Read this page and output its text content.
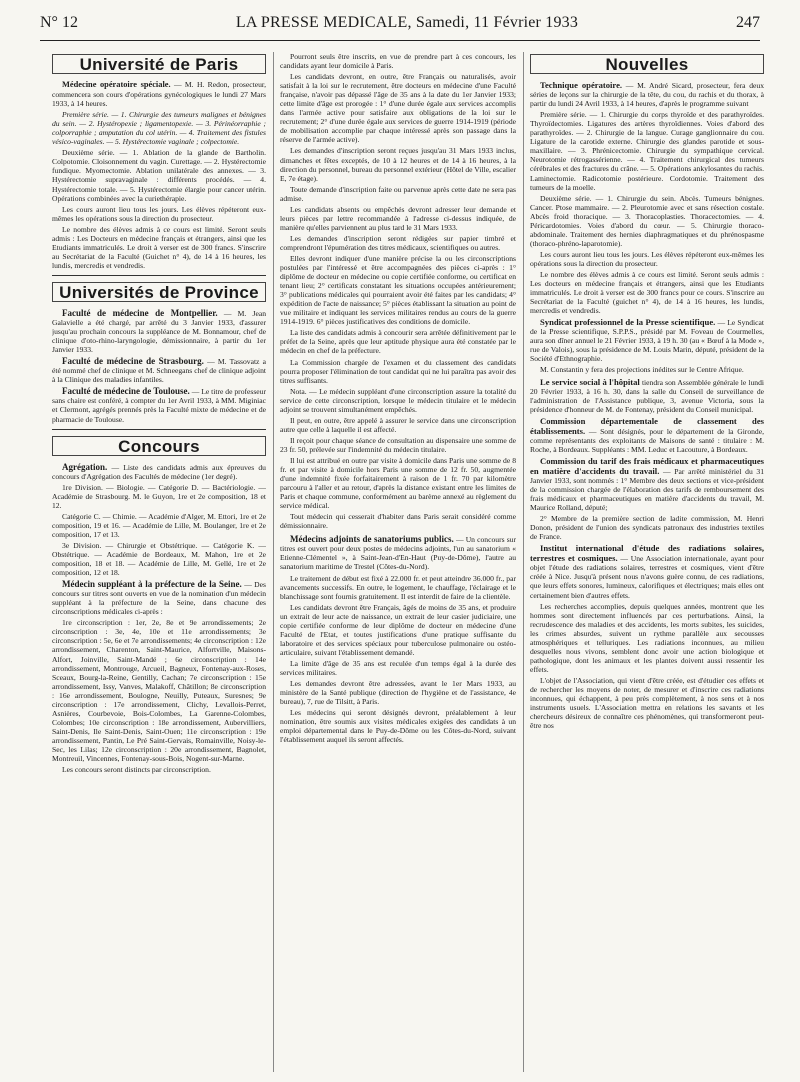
N° 12	LA PRESSE MEDICALE, Samedi, 11 Février 1933	247
Université de Paris

Médecine opératoire spéciale. — M. H. Redon, prosecteur, commencera son cours d'opérations gynécologiques le lundi 27 Mars 1933, à 14 heures.

Première série. — 1. Chirurgie des tumeurs malignes et bénignes du sein. — 2. Hystéropexie ; ligamentopexie. — 3. Périnéorraphie ; colporraphie ; amputation du col utérin. — 4. Traitement des fistules vésico-vaginales. — 5. Hystérectomie vaginale ; colpectomie.

Deuxième série. — 1. Ablation de la glande de Bartholin. Colpotomie. Cloisonnement du vagin. Curettage. — 2. Hystérectomie fundique. Myomectomie. Ablation unilatérale des annexes. — 3. Hystérectomie supravaginale : différents procédés. — 4. Hystérectomie totale. — 5. Hystérectomie élargie pour cancer utérin. Opérations combinées avec la curiethérapie.

Les cours auront lieu tous les jours. Les élèves répéteront eux-mêmes les opérations sous la direction du prosecteur.

Le nombre des élèves admis à ce cours est limité. Seront seuls admis : Les Docteurs en médecine français et étrangers, ainsi que les Etudiants immatriculés. Le droit à verser est de 300 francs. S'inscrire au Secrétariat de la Faculté (Guichet n° 4), de 14 à 16 heures, les lundis, mercredis et vendredis.

Universités de Province

Faculté de médecine de Montpellier. — M. Jean Galavielle a été chargé, par arrêté du 3 Janvier 1933, d'assurer jusqu'au prochain concours la suppléance de M. Bonnamour, chef de clinique d'oto-rhino-laryngologie, démissionnaire, à partir du 1er Janvier 1933.

Faculté de médecine de Strasbourg. — M. Tassovatz a été nommé chef de clinique et M. Schneegans chef de clinique adjoint à la Clinique des maladies infantiles.

Faculté de médecine de Toulouse. — Le titre de professeur sans chaire est conféré, à compter du 1er Avril 1933, à MM. Miginiac et Clermont, agrégés prennés près la Faculté mixte de médecine et de pharmacie de Toulouse.

Concours

Agrégation. — Liste des candidats admis aux épreuves du concours d'Agrégation des Facultés de médecine (1er degré).

1re Division. — Biologie. — Catégorie D. — Bactériologie. — Académie de Strasbourg. M. le Guyon, 1re et 2e composition, 18 et 12.

Catégorie C. — Chimie. — Académie d'Alger, M. Ettori, 1re et 2e composition, 19 et 16. — Académie de Lille, M. Boulanger, 1re et 2e composition, 17 et 13.

3e Division. — Chirurgie et Obstétrique. — Catégorie K. — Obstétrique. — Académie de Bordeaux, M. Mahon, 1re et 2e composition, 18 et 18. — Académie de Lille, M. Gellé, 1re et 2e composition, 12 et 18.

Médecin suppléant à la préfecture de la Seine. — Des concours sur titres sont ouverts en vue de la nomination d'un médecin suppléant à la préfecture de la Seine, dans chacune des circonscriptions médicales ci-après :

1re circonscription : 1er, 2e, 8e et 9e arrondissements; 2e circonscription : 3e, 4e, 10e et 11e arrondissements; 3e circonscription : 5e, 6e et 7e arrondissements; 4e circonscription : 12e arrondissement, Charenton, Saint-Maurice, Alfortville, Maisons-Alfort, Joinville, Saint-Mandé ; 6e circonscription : 14e arrondissement, Montrouge, Arcueil, Bagneux, Fontenay-aux-Roses, Sceaux, Bourg-la-Reine, Gentilly, Cachan; 7e circonscription : 15e arrondissement, Issy, Vanves, Malakoff, Châtillon; 8e circonscription : 16e arrondissement, Boulogne, Neuilly, Puteaux, Suresnes; 9e circonscription : 17e arrondissement, Clichy, Levallois-Perret, Asnières, Courbevoie, Bois-Colombes, La Garenne-Colombes, Colombes; 10e circonscription : 18e arrondissement, Aubervilliers, Saint-Denis, Ile Saint-Denis, Saint-Ouen; 11e circonscription : 19e arrondissement, Pantin, Le Pré Saint-Gervais, Romainville, Noisy-le-Sec, les Lilas; 12e circonscription : 20e arrondissement, Bagnolet, Montreuil, Vincennes, Fontenay-sous-Bois, Nogent-sur-Marne.

Les concours seront distincts par circonscription.

Pourront seuls être inscrits, en vue de prendre part à ces concours, les candidats ayant leur domicile à Paris.

Les candidats devront, en outre, être Français ou naturalisés, avoir satisfait à la loi sur le recrutement, être docteurs en médecine d'une Faculté française, n'avoir pas dépassé l'âge de 35 ans à la date du 1er Janvier 1933; cette limite d'âge est prorogée : 1° d'une durée égale aux services accomplis dans l'armée active pour satisfaire aux obligations de la loi sur le recrutement; 2° d'une durée égale aux services de guerre 1914-1919 (période de mobilisation accomplie par chaque intéressé après son passage dans la réserve de l'armée active).

Les demandes d'inscription seront reçues jusqu'au 31 Mars 1933 inclus, dimanches et fêtes exceptés, de 10 à 12 heures et de 14 à 16 heures, à la direction du personnel, bureau du personnel extérieur (Hôtel de Ville, escalier E, 7e étage).

Toute demande d'inscription faite ou parvenue après cette date ne sera pas admise.

Les candidats absents ou empêchés devront adresser leur demande et leurs pièces par lettre recommandée à l'adresse ci-dessus indiquée, de manière qu'elles parviennent au plus tard le 31 Mars 1933.

Les demandes d'inscription seront rédigées sur papier timbré et comprendront l'épumération des titres médicaux, scientifiques ou autres.

Elles devront indiquer d'une manière précise la ou les circonscriptions postulées par l'intéressé et être accompagnées des pièces ci-après : 1° diplôme de docteur en médecine ou copie certifiée conforme, ou certificat en tenant lieu; 2° certificats constatant les situations occupées antérieurement; 3° publications médicales qui pourraient avoir été faites par les candidats; 4° expédition de l'acte de naissance; 5° pièces établissant la situation au point de vue militaire et indiquant les services militaires rendus au cours de la guerre 1914-1919. 6° pièces justificatives des conditions de domicile.

La liste des candidats admis à concourir sera arrêtée définitivement par le préfet de la Seine, après que leur aptitude physique aura été constatée par le médecin en chef de la préfecture.

La Commission chargée de l'examen et du classement des candidats pourra proposer l'élimination de tout candidat qui ne lui paraîtra pas avoir des titres suffisants.

Nota. — Le médecin suppléant d'une circonscription assure la totalité du service de cette circonscription, lorsque le médecin titulaire et le médecin adjoint se trouvent simultanément empêchés.

Il peut, en outre, être appelé à assurer le service dans une circonscription autre que celle à laquelle il est affecté.

Il reçoit pour chaque séance de consultation au dispensaire une somme de 23 fr. 50, prélevée sur l'indemnité du médecin titulaire.

Il lui est attribué en outre par visite à domicile dans Paris une somme de 8 fr. et par visite à domicile hors Paris une somme de 12 fr. 50, augmentée d'une indemnité fixée forfaitairement à raison de 1 fr. 70 par kilomètre parcouru à l'aller et au retour, d'après la distance existant entre les limites de Paris et chaque commune, conformément au barème annexé au règlement du service médical.

Tout médecin qui cesserait d'habiter dans Paris serait considéré comme démissionnaire.

Médecins adjoints de sanatoriums publics. — Un concours sur titres est ouvert pour deux postes de médecins adjoints, l'un au sanatorium « Etienne-Clémentel », à Saint-Jean-d'En-Haut (Puy-de-Dôme), l'autre au sanatorium maritime de Trestel (Côtes-du-Nord).

Le traitement de début est fixé à 22.000 fr. et peut atteindre 36.000 fr., par avancements successifs. En outre, le logement, le chauffage, l'éclairage et le blanchissage sont fournis gratuitement. Il est interdit de faire de la clientèle.

Les candidats devront être Français, âgés de moins de 35 ans, et produire un extrait de leur acte de naissance, un extrait de leur casier judiciaire, une copie certifiée conforme de leur diplôme de docteur en médecine d'une Faculté de l'Etat, et toutes justifications d'une pratique suffisante du laboratoire et des services spéciaux pour tuberculose pulmonaire ou ostéo-articulaire, suivant l'établissement demandé.

La limite d'âge de 35 ans est reculée d'un temps égal à la durée des services militaires.

Les demandes devront être adressées, avant le 1er Mars 1933, au ministère de la Santé publique (direction de l'hygiène et de l'assistance, 4e bureau), 7, rue de Tilsitt, à Paris.

Les médecins qui seront désignés devront, préalablement à leur nomination, être soumis aux visites médicales exigées des candidats à un emploi départemental dans le Puy-de-Dôme ou les Côtes-du-Nord, suivant l'établissement auquel ils seront affectés.

Nouvelles

Technique opératoire. — M. André Sicard, prosecteur, fera deux séries de leçons sur la chirurgie de la tête, du cou, du rachis et du thorax, à partir du lundi 24 Avril 1933, à 14 heures, d'après le programme suivant

Première série. — 1. Chirurgie du corps thyroïde et des parathyroïdes. Thyroïdectomies. Ligatures des artères thyroïdiennes. Voies d'abord des parathyroïdes. — 2. Chirurgie de la langue. Curage ganglionnaire du cou. Ligature de la carotide externe. Chirurgie des glandes parotide et sous-maxillaire. — 3. Phrénicectomie. Chirurgie du sympathique cervical. Neurotomie rétrogassérienne. — 4. Traitement chirurgical des tumeurs cérébrales et des fractures du crâne. — 5. Opérations ankylosantes du rachis. Laminectomie. Radicotomie postérieure. Cordotomie. Traitement des tumeurs de la moelle.

Deuxième série. — 1. Chirurgie du sein. Abcès. Tumeurs bénignes. Cancer. Ptose mammaire. — 2. Pleurotomie avec et sans résection costale. Abcès froid thoracique. — 3. Thoracoplasties. Thoracectomies. — 4. Péricardotomies. Voies d'abord du cœur. — 5. Chirurgie thoraco-abdominale. Traitement des hernies diaphragmatiques et du phrénospasme (thoraco-phréno-laparotomie).

Les cours auront lieu tous les jours. Les élèves répéteront eux-mêmes les opérations sous la direction du prosecteur.

Le nombre des élèves admis à ce cours est limité. Seront seuls admis : Les docteurs en médecine français et étrangers, ainsi que les Etudiants immatriculés. Le droit à verser est de 300 francs pour ce cours. S'inscrire au Secrétariat de la Faculté (guichet n° 4), de 14 à 16 heures, les lundis, mercredis et vendredis.

Syndicat professionnel de la Presse scientifique. — Le Syndicat de la Presse scientifique, S.P.P.S., présidé par M. Foveau de Courmelles, aura son dîner annuel le 21 Février 1933, à 19 h. 30 (au « Bœuf à la Mode », rue de Valois), sous la présidence de M. Louis Marin, député, président de la Société d'Ethnographie.

M. Constantin y fera des projections inédites sur le Centre Afrique.

Le service social à l'hôpital tiendra son Assemblée générale le lundi 20 Février 1933, à 16 h. 30, dans la salle du Conseil de surveillance de l'administration de l'Assistance publique, 3, avenue Victoria, sous la présidence d'honneur de M. de Fontenay, président du Conseil municipal.

Commission départementale de classement des établissements. — Sont désignés, pour le département de la Gironde, comme représentants des exploitants de Maisons de santé : titulaire : M. Roche, à Bordeaux. Suppléants : MM. Leduc et Lacouture, à Bordeaux.

Commission du tarif des frais médicaux et pharmaceutiques en matière d'accidents du travail. — Par arrêté ministériel du 31 Janvier 1933, sont nommés : 1° Membre des deux sections et vice-président de la commission chargée de l'élaboration des tarifs de remboursement des frais médicaux et pharmaceutiques en matière d'accidents du travail, M. Maurice Rolland, député;

2° Membre de la première section de ladite commission, M. Henri Donon, président de l'union des syndicats patronaux des industries textiles de France.

Institut international d'étude des radiations solaires, terrestres et cosmiques. — Une Association internationale, ayant pour objet l'étude des radiations solaires, terrestres et cosmiques, vient d'être créée à Nice. Jusqu'à présent nous n'avons guère connu, de ces radiations, que leurs effets sonores, lumineux, calorifiques et électriques; mais elles ont certainement bien d'autres effets.

Les recherches accomplies, depuis quelques années, montrent que les hommes sont directement influencés par ces perturbations. Ainsi, la recrudescence des maladies et des accidents, les morts subites, les suicides, les crimes absurdes, suivent un rythme parallèle aux secousses atmosphériques et telluriques. Les radiations inconnues, au milieu desquelles nous vivons, semblent donc avoir une action biologique et pathologique, dont les animaux et les plantes doivent aussi ressentir les effets.

L'objet de l'Association, qui vient d'être créée, est d'étudier ces effets et de rechercher les moyens de noter, de mesurer et d'inscrire ces radiations inconnues, qui échappent, à peu près complètement, à nos sens et à nos instruments usuels. L'Association mettra en relations les savants et les chercheurs désireux de connaître ces phénomènes, qui transformeront peut-être nos
